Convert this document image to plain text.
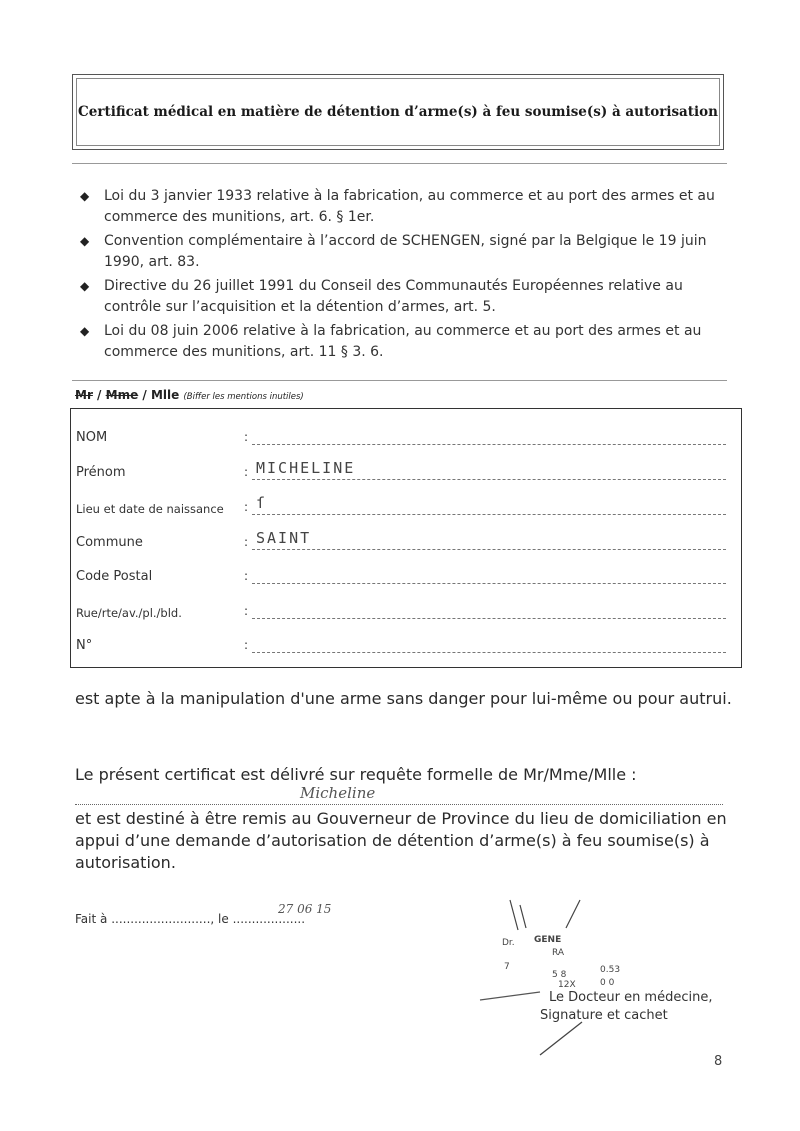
Certificat médical en matière de détention d’arme(s) à feu soumise(s) à autorisation
◆ Loi du 3 janvier 1933 relative à la fabrication, au commerce et au port des armes et au commerce des munitions, art. 6. § 1er.
◆ Convention complémentaire à l’accord de SCHENGEN, signé par la Belgique le 19 juin 1990, art. 83.
◆ Directive du 26 juillet 1991 du Conseil des Communautés Européennes relative au contrôle sur l’acquisition et la détention d’armes, art. 5.
◆ Loi du 08 juin 2006 relative à la fabrication, au commerce et au port des armes et au commerce des munitions, art. 11 § 3. 6.
Mr / Mme / Mlle (Biffer les mentions inutiles)
NOM	:
Prénom	: MICHELINE
Lieu et date de naissance : ſ
Commune	: SAINT
Code Postal	:
Rue/rte/av./pl./bld.	:
N°	:
est apte à la manipulation d'une arme sans danger pour lui-même ou pour autrui.
Le présent certificat est délivré sur requête formelle de Mr/Mme/Mlle :
Micheline
et est destiné à être remis au Gouverneur de Province du lieu de domiciliation en appui d’une demande d’autorisation de détention d’arme(s) à feu soumise(s) à autorisation.
Fait à .........................., le ...................
27 06 15
Dr. GENE
RA
7
5 8	0.53
12X	0 0
Le Docteur en médecine,
Signature et cachet
8
